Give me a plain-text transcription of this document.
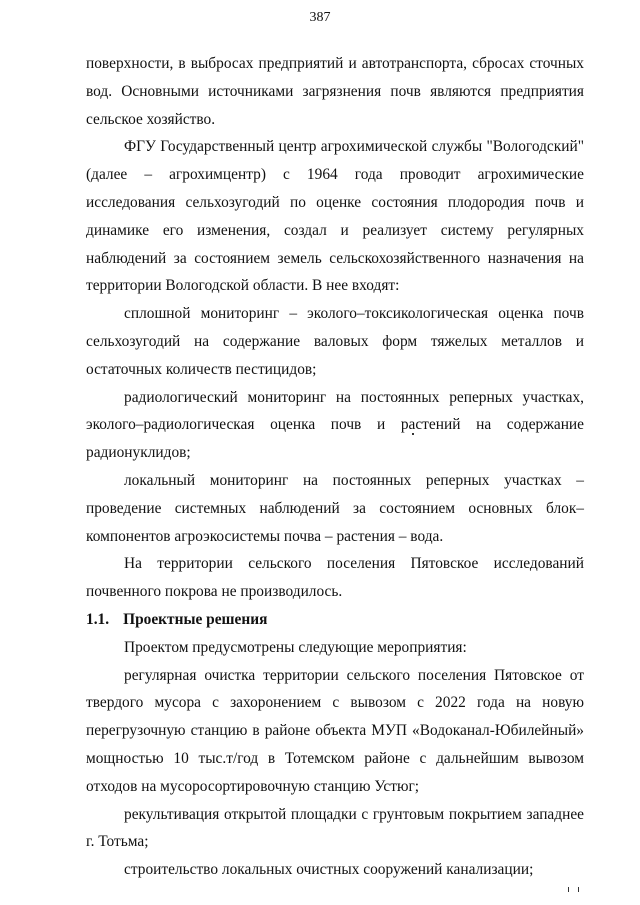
387

поверхности, в выбросах предприятий и автотранспорта, сбросах сточных вод. Основными источниками загрязнения почв являются предприятия сельское хозяйство.

ФГУ Государственный центр агрохимической службы "Вологодский" (далее – агрохимцентр) с 1964 года проводит агрохимические исследования сельхозугодий по оценке состояния плодородия почв и динамике его изменения, создал и реализует систему регулярных наблюдений за состоянием земель сельскохозяйственного назначения на территории Вологодской области. В нее входят:

сплошной мониторинг – эколого–токсикологическая оценка почв сельхозугодий на содержание валовых форм тяжелых металлов и остаточных количеств пестицидов;

радиологический мониторинг на постоянных реперных участках, эколого–радиологическая оценка почв и растений на содержание радионуклидов;

локальный мониторинг на постоянных реперных участках – проведение системных наблюдений за состоянием основных блок–компонентов агроэкосистемы почва – растения – вода.

На территории сельского поселения Пятовское исследований почвенного покрова не производилось.

1.1. Проектные решения

Проектом предусмотрены следующие мероприятия:

регулярная очистка территории сельского поселения Пятовское от твердого мусора с захоронением с вывозом с 2022 года на новую перегрузочную станцию в районе объекта МУП «Водоканал-Юбилейный» мощностью 10 тыс.т/год в Тотемском районе с дальнейшим вывозом отходов на мусоросортировочную станцию Устюг;

рекультивация открытой площадки с грунтовым покрытием западнее г. Тотьма;

строительство локальных очистных сооружений канализации;
